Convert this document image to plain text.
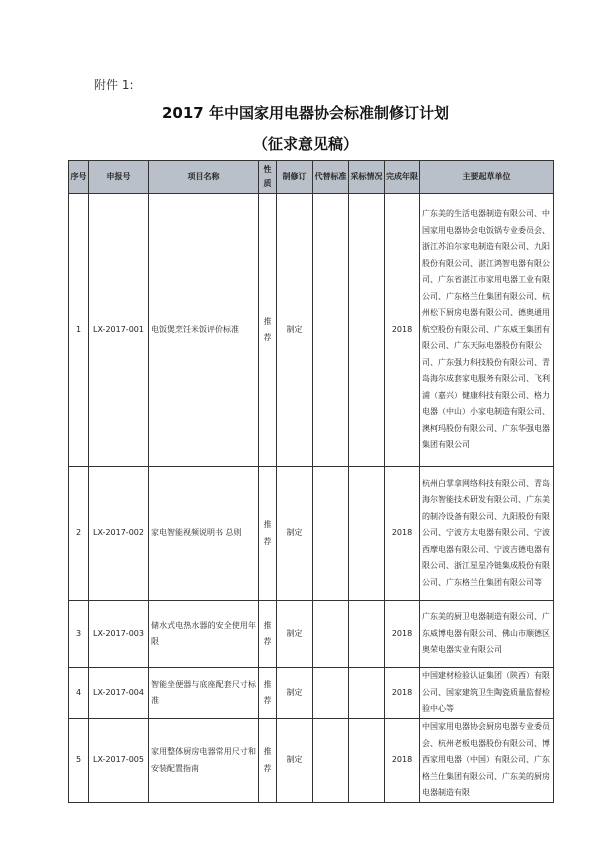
附件 1:
2017 年中国家用电器协会标准制修订计划
（征求意见稿）
序号	申报号	项目名称	性质	制修订	代替标准	采标情况	完成年限	主要起草单位
1	LX-2017-001	电饭煲烹饪米饭评价标准	推荐	制定			2018	广东美的生活电器制造有限公司、中国家用电器协会电饭锅专业委员会、浙江苏泊尔家电制造有限公司、九阳股份有限公司、湛江鸿智电器有限公司、广东省湛江市家用电器工业有限公司、广东格兰仕集团有限公司、杭州松下厨房电器有限公司、德奥通用航空股份有限公司、广东威王集团有限公司、广东天际电器股份有限公司、广东强力科技股份有限公司、青岛海尔成套家电服务有限公司、飞利浦（嘉兴）健康科技有限公司、格力电器（中山）小家电制造有限公司、澳柯玛股份有限公司、广东华强电器集团有限公司
2	LX-2017-002	家电智能视频说明书 总则	推荐	制定			2018	杭州白掌拿网络科技有限公司、青岛海尔智能技术研发有限公司、广东美的制冷设备有限公司、九阳股份有限公司、宁波方太电器有限公司、宁波西摩电器有限公司、宁波吉德电器有限公司、浙江星星冷链集成股份有限公司、广东格兰仕集团有限公司等
3	LX-2017-003	储水式电热水器的安全使用年限	推荐	制定			2018	广东美的厨卫电器制造有限公司、广东威博电器有限公司、佛山市顺德区奥荣电器实业有限公司
4	LX-2017-004	智能坐便器与底座配套尺寸标准	推荐	制定			2018	中国建材检验认证集团（陕西）有限公司、国家建筑卫生陶瓷质量监督检验中心等
5	LX-2017-005	家用整体厨房电器常用尺寸和安装配置指南	推荐	制定			2018	中国家用电器协会厨房电器专业委员会、杭州老板电器股份有限公司、博西家用电器（中国）有限公司、广东格兰仕集团有限公司、广东美的厨房电器制造有限
